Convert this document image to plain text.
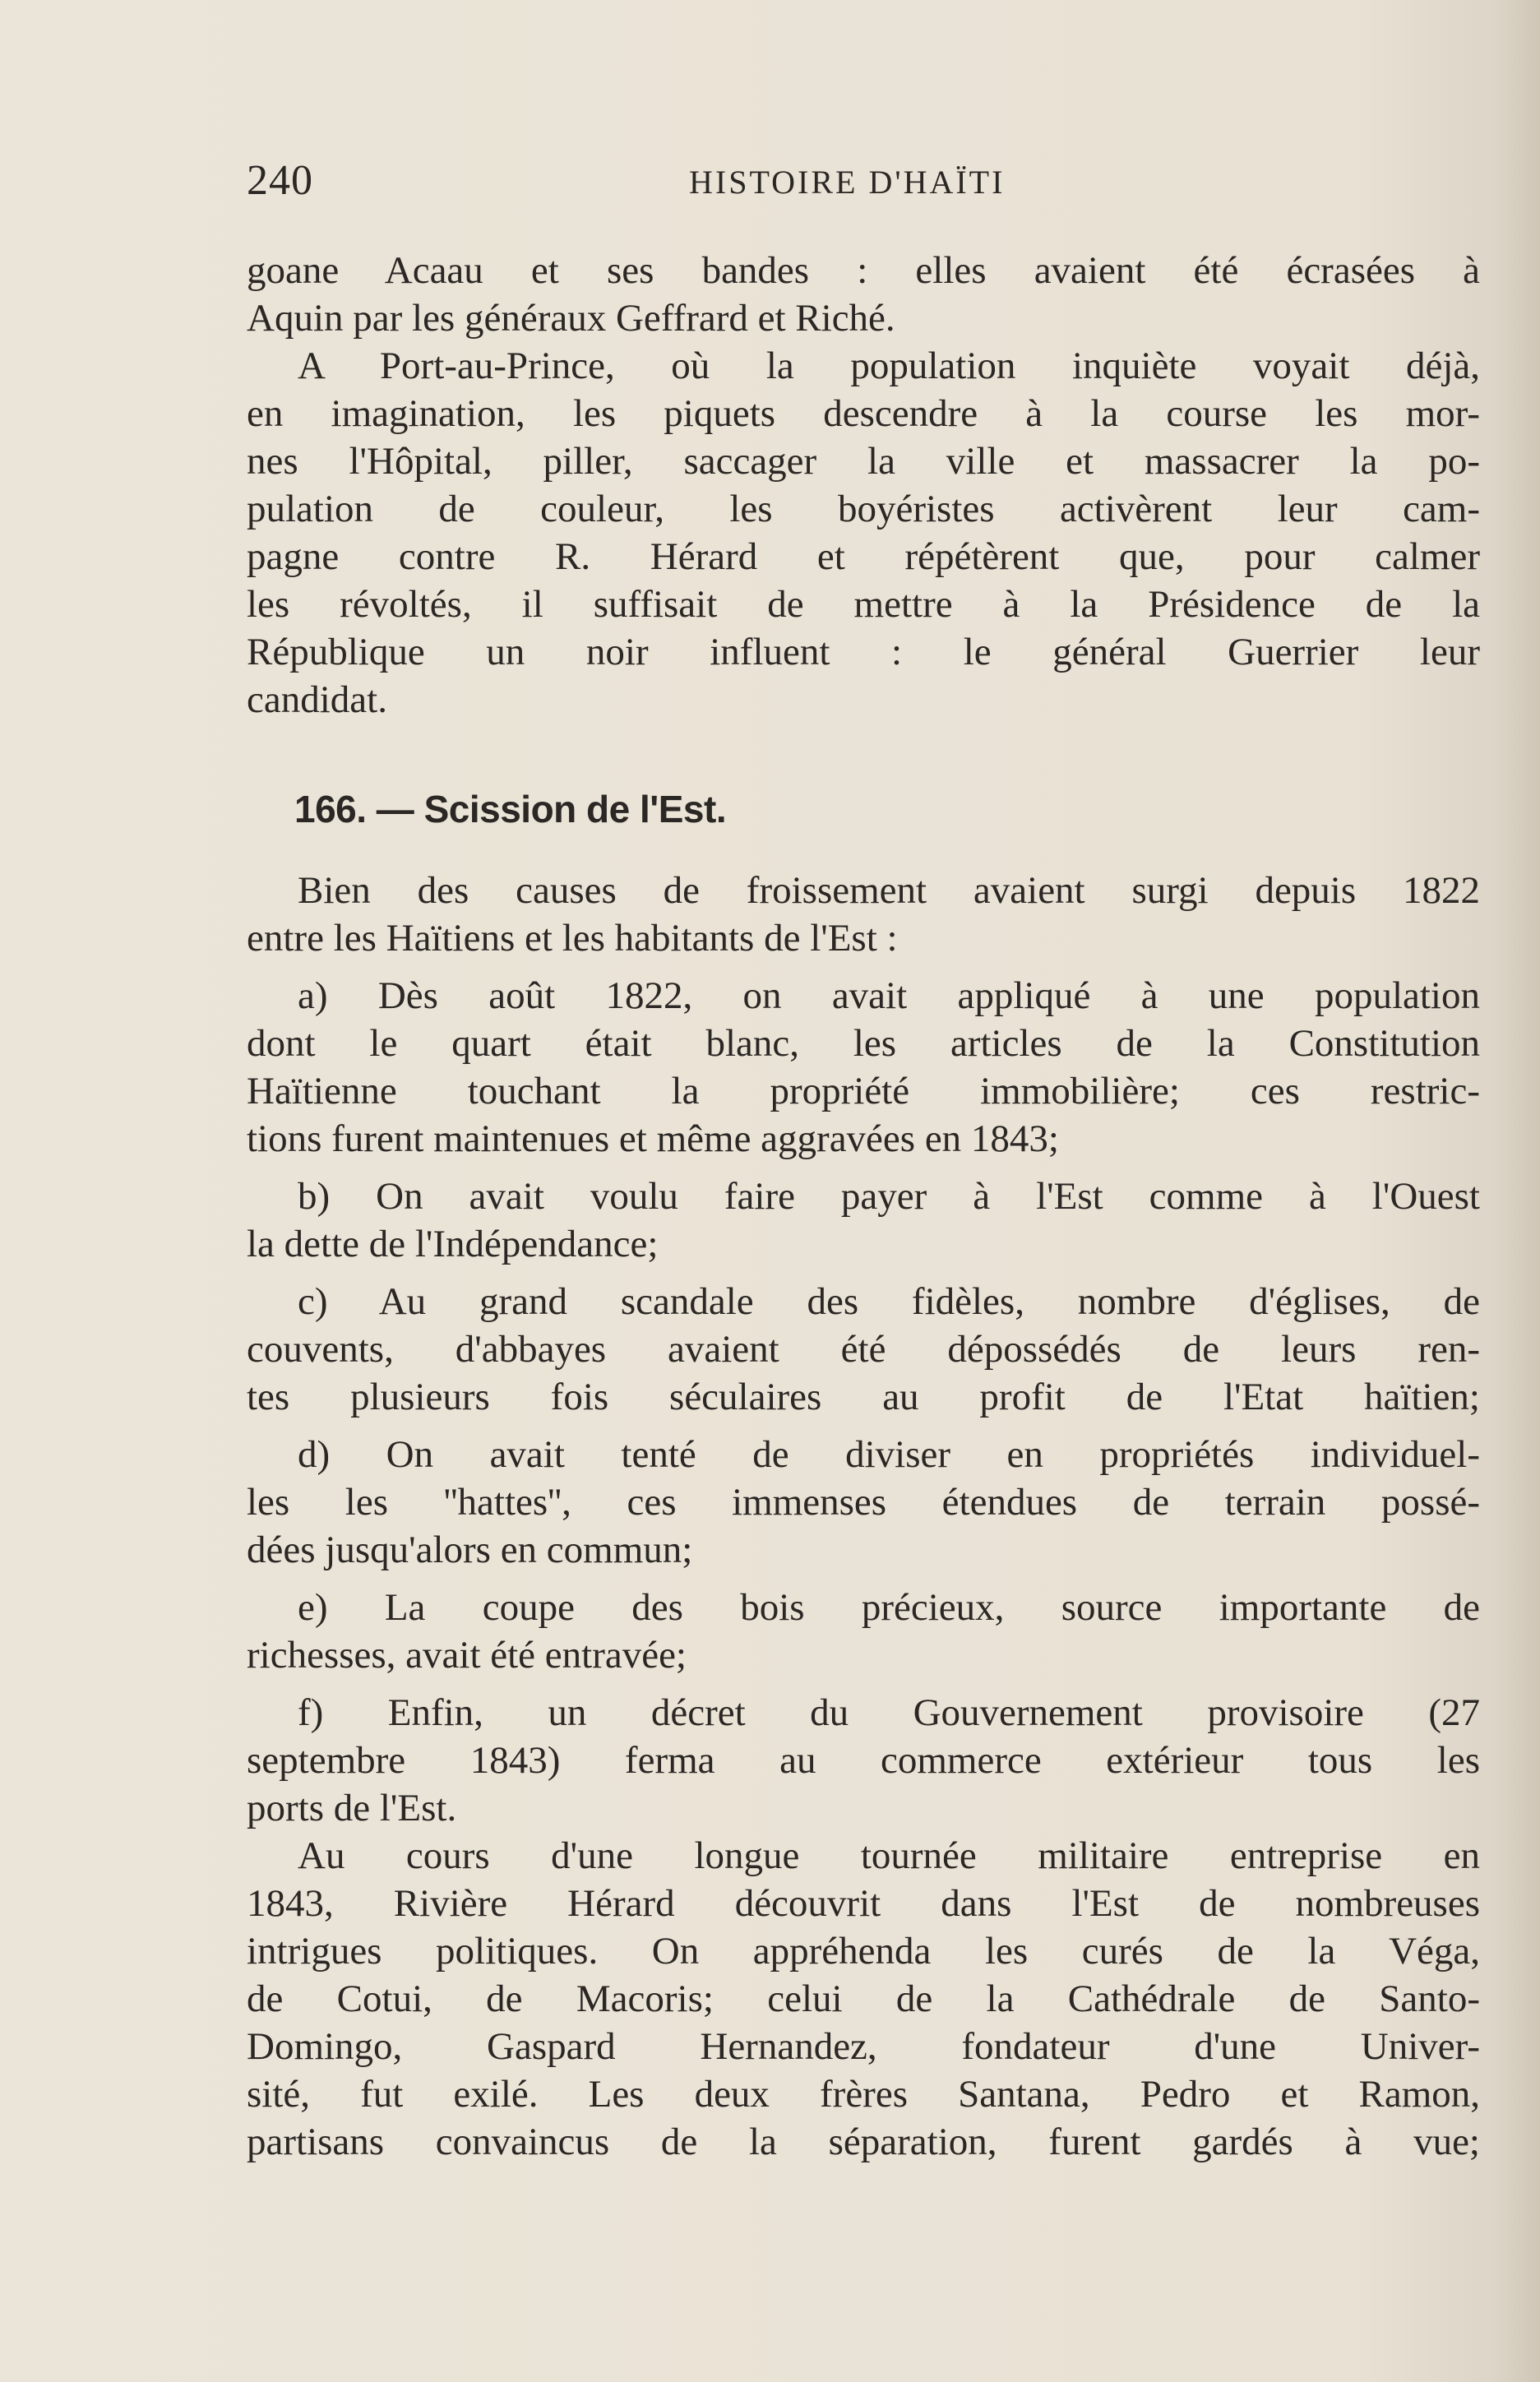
240	HISTOIRE D'HAÏTI
goane Acaau et ses bandes : elles avaient été écrasées à
Aquin par les généraux Geffrard et Riché.
A Port-au-Prince, où la population inquiète voyait déjà,
en imagination, les piquets descendre à la course les mor-
nes l'Hôpital, piller, saccager la ville et massacrer la po-
pulation de couleur, les boyéristes activèrent leur cam-
pagne contre R. Hérard et répétèrent que, pour calmer
les révoltés, il suffisait de mettre à la Présidence de la
République un noir influent : le général Guerrier leur
candidat.
166. — Scission de l'Est.
Bien des causes de froissement avaient surgi depuis 1822
entre les Haïtiens et les habitants de l'Est :
a) Dès août 1822, on avait appliqué à une population
dont le quart était blanc, les articles de la Constitution
Haïtienne touchant la propriété immobilière; ces restric-
tions furent maintenues et même aggravées en 1843;
b) On avait voulu faire payer à l'Est comme à l'Ouest
la dette de l'Indépendance;
c) Au grand scandale des fidèles, nombre d'églises, de
couvents, d'abbayes avaient été dépossédés de leurs ren-
tes plusieurs fois séculaires au profit de l'Etat haïtien;
d) On avait tenté de diviser en propriétés individuel-
les les ''hattes'', ces immenses étendues de terrain possé-
dées jusqu'alors en commun;
e) La coupe des bois précieux, source importante de
richesses, avait été entravée;
f) Enfin, un décret du Gouvernement provisoire (27
septembre 1843) ferma au commerce extérieur tous les
ports de l'Est.
Au cours d'une longue tournée militaire entreprise en
1843, Rivière Hérard découvrit dans l'Est de nombreuses
intrigues politiques. On appréhenda les curés de la Véga,
de Cotui, de Macoris; celui de la Cathédrale de Santo-
Domingo, Gaspard Hernandez, fondateur d'une Univer-
sité, fut exilé. Les deux frères Santana, Pedro et Ramon,
partisans convaincus de la séparation, furent gardés à vue;
